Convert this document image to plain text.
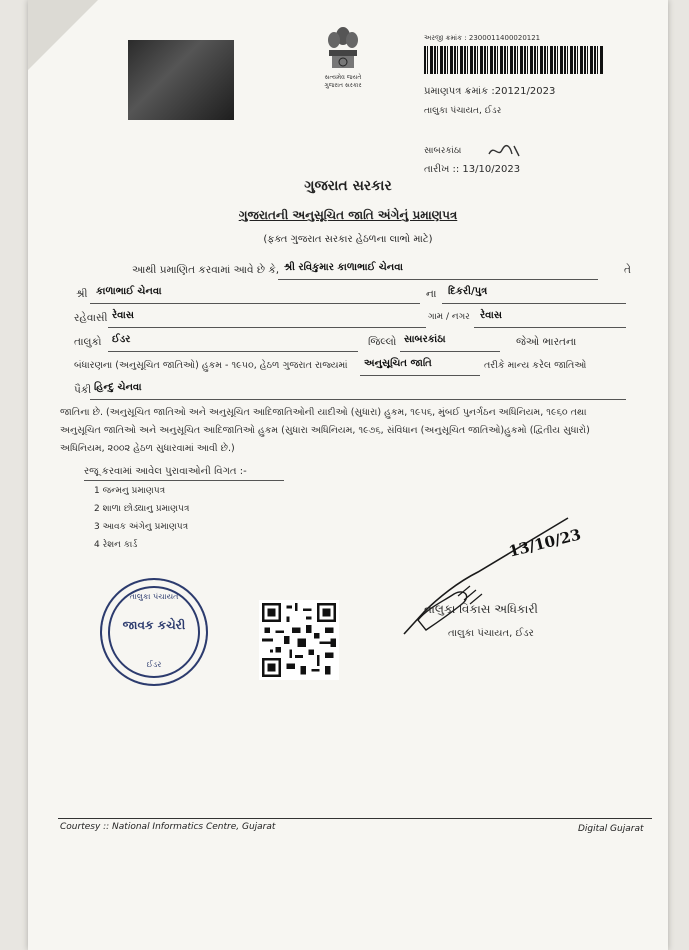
સત્યમેવ જયતે
ગુજરાત સરકાર
અરજી ક્રમાંક : 2300011400020121
પ્રમાણપત્ર ક્રમાંક :20121/2023
તાલુકા પંચાયત, ઈડર
સાબરકાંઠા
તારીખ :: 13/10/2023
ગુજરાત સરકાર
ગુજરાતની અનુસૂચિત જાતિ અંગેનું પ્રમાણપત્ર
(ફક્ત ગુજરાત સરકાર હેઠળના લાભો માટે)
આથી પ્રમાણિત કરવામાં આવે છે કે, શ્રી રવિકુમાર કાળાભાઈ ચેનવા	તે
શ્રી કાળાભાઈ ચેનવા	ના દિકરી/પુત્ર
રહેવાસી રેવાસ	ગામ / નગર રેવાસ
તાલુકો ઈડર	જિલ્લો સાબરકાંઠા	જેઓ ભારતના
બંધારણના (અનુસૂચિત જાતિઓ) હુકમ - ૧૯૫૦, હેઠળ ગુજરાત રાજ્યમાં અનુસૂચિત જાતિ	તરીકે માન્ય કરેલ જાતિઓ
પૈકી હિન્દુ ચેનવા
જાતિના છે. (અનુસૂચિત જાતિઓ અને અનુસૂચિત આદિજાતિઓની યાદીઓ (સુધારા) હુકમ, ૧૯૫૬, મુંબઈ પુનર્ગઠન અધિનિયમ, ૧૯૬૦ તથા અનુસૂચિત જાતિઓ અને અનુસૂચિત આદિજાતિઓ હુકમ (સુધારા અધિનિયમ, ૧૯૭૬, સંવિધાન (અનુસૂચિત જાતિઓ)હુકમો (દ્વિતીય સુધારો) અધિનિયમ, ૨૦૦૨ હેઠળ સુધારવામાં આવી છે.)
રજૂ કરવામાં આવેલ પુરાવાઓની વિગત :-
1 જન્મનુ પ્રમાણપત્ર
2 શાળા છોડ્યાનુ પ્રમાણપત્ર
3 આવક અંગેનુ પ્રમાણપત્ર
4 રેશન કાર્ડ
તાલુકા પંચાયત
જાવક કચેરી
ઈડર
13/10/23
તાલુકા વિકાસ અધિકારી
તાલુકા પંચાયત, ઈડર
Courtesy :: National Informatics Centre, Gujarat	Digital Gujarat
